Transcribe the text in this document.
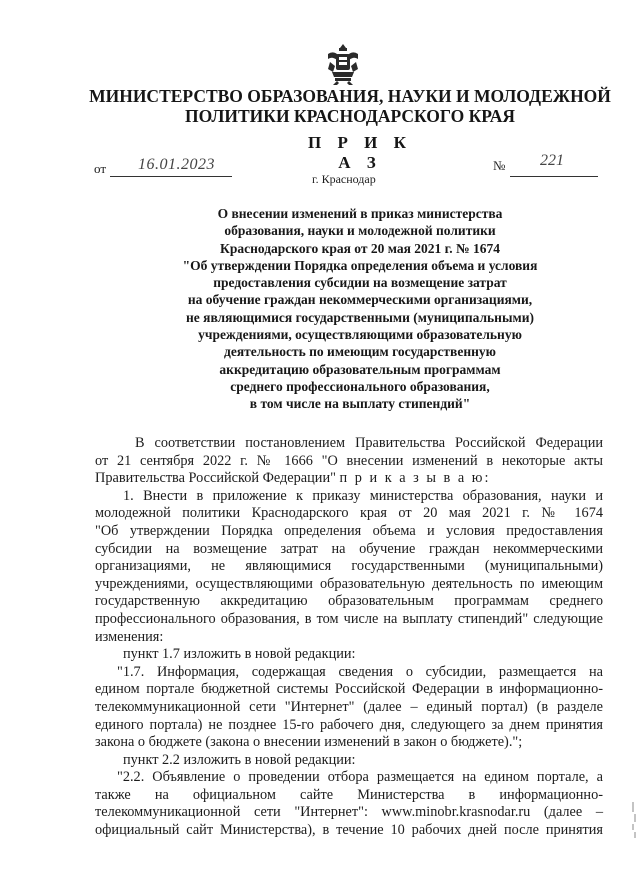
МИНИСТЕРСТВО ОБРАЗОВАНИЯ, НАУКИ И МОЛОДЕЖНОЙ
ПОЛИТИКИ КРАСНОДАРСКОГО КРАЯ
П Р И К А З
от 16.01.2023	№ 221
г. Краснодар
О внесении изменений в приказ министерства
образования, науки и молодежной политики
Краснодарского края от 20 мая 2021 г. № 1674
"Об утверждении Порядка определения объема и условия
предоставления субсидии на возмещение затрат
на обучение граждан некоммерческими организациями,
не являющимися государственными (муниципальными)
учреждениями, осуществляющими образовательную
деятельность по имеющим государственную
аккредитацию образовательным программам
среднего профессионального образования,
в том числе на выплату стипендий"
В соответствии постановлением Правительства Российской Федерации
от 21 сентября 2022 г. № 1666 "О внесении изменений в некоторые акты
Правительства Российской Федерации" п р и к а з ы в а ю:
1. Внести в приложение к приказу министерства образования, науки и
молодежной политики Краснодарского края от 20 мая 2021 г. № 1674
"Об утверждении Порядка определения объема и условия предоставления
субсидии на возмещение затрат на обучение граждан некоммерческими
организациями, не являющимися государственными (муниципальными)
учреждениями, осуществляющими образовательную деятельность по имеющим
государственную аккредитацию образовательным программам среднего
профессионального образования, в том числе на выплату стипендий" следующие
изменения:
пункт 1.7 изложить в новой редакции:
"1.7. Информация, содержащая сведения о субсидии, размещается на
едином портале бюджетной системы Российской Федерации в информационно-
телекоммуникационной сети "Интернет" (далее – единый портал) (в разделе
единого портала) не позднее 15-го рабочего дня, следующего за днем принятия
закона о бюджете (закона о внесении изменений в закон о бюджете).";
пункт 2.2 изложить в новой редакции:
"2.2. Объявление о проведении отбора размещается на едином портале, а
также на официальном сайте Министерства в информационно-
телекоммуникационной сети "Интернет": www.minobr.krasnodar.ru (далее –
официальный сайт Министерства), в течение 10 рабочих дней после принятия
